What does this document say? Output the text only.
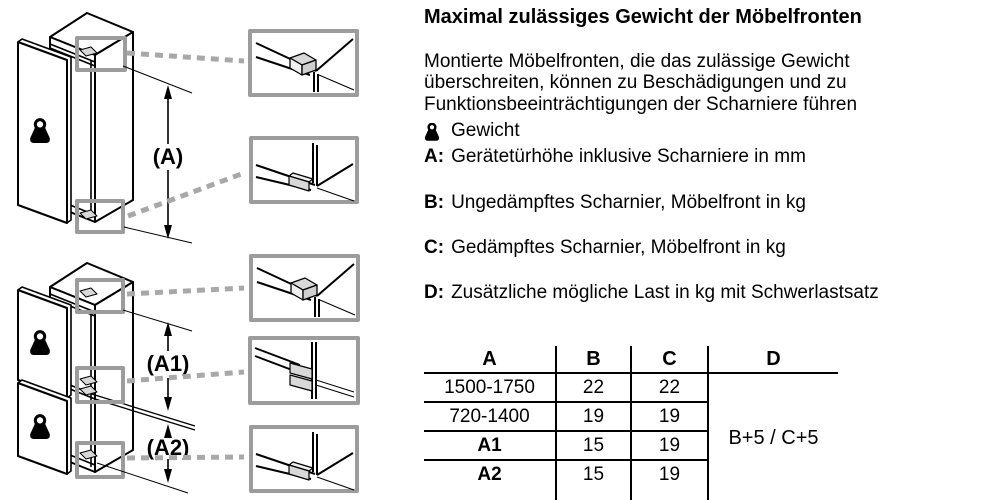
(A)
(A1)
(A2)
Maximal zulässiges Gewicht der Möbelfronten
Montierte Möbelfronten, die das zulässige Gewicht
überschreiten, können zu Beschädigungen und zu
Funktionsbeeinträchtigungen der Scharniere führen
Gewicht
A: Gerätetürhöhe inklusive Scharniere in mm
B: Ungedämpftes Scharnier, Möbelfront in kg
C: Gedämpftes Scharnier, Möbelfront in kg
D: Zusätzliche mögliche Last in kg mit Schwerlastsatz
A	B	C	D
1500-1750	22	22	B+5 / C+5
720-1400	19	19	
A1	15	19	
A2	15	19	
